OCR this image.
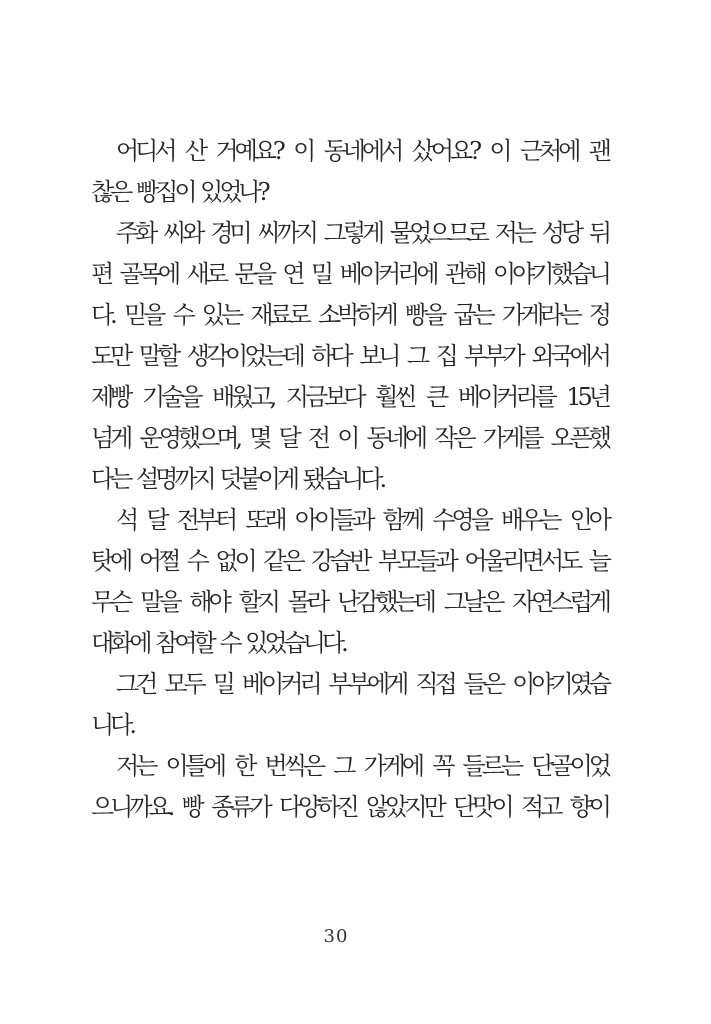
어디서 산 거예요? 이 동네에서 샀어요? 이 근처에 괜
찮은 빵집이 있었나?
주화 씨와 경미 씨까지 그렇게 물었으므로 저는 성당 뒤
편 골목에 새로 문을 연 밀 베이커리에 관해 이야기했습니
다. 믿을 수 있는 재료로 소박하게 빵을 굽는 가게라는 정
도만 말할 생각이었는데 하다 보니 그 집 부부가 외국에서
제빵 기술을 배웠고, 지금보다 훨씬 큰 베이커리를 15년
넘게 운영했으며, 몇 달 전 이 동네에 작은 가게를 오픈했
다는 설명까지 덧붙이게 됐습니다.
석 달 전부터 또래 아이들과 함께 수영을 배우는 인아
탓에 어쩔 수 없이 같은 강습반 부모들과 어울리면서도 늘
무슨 말을 해야 할지 몰라 난감했는데 그날은 자연스럽게
대화에 참여할 수 있었습니다.
그건 모두 밀 베이커리 부부에게 직접 들은 이야기였습
니다.
저는 이틀에 한 번씩은 그 가게에 꼭 들르는 단골이었
으니까요. 빵 종류가 다양하진 않았지만 단맛이 적고 향이
30
